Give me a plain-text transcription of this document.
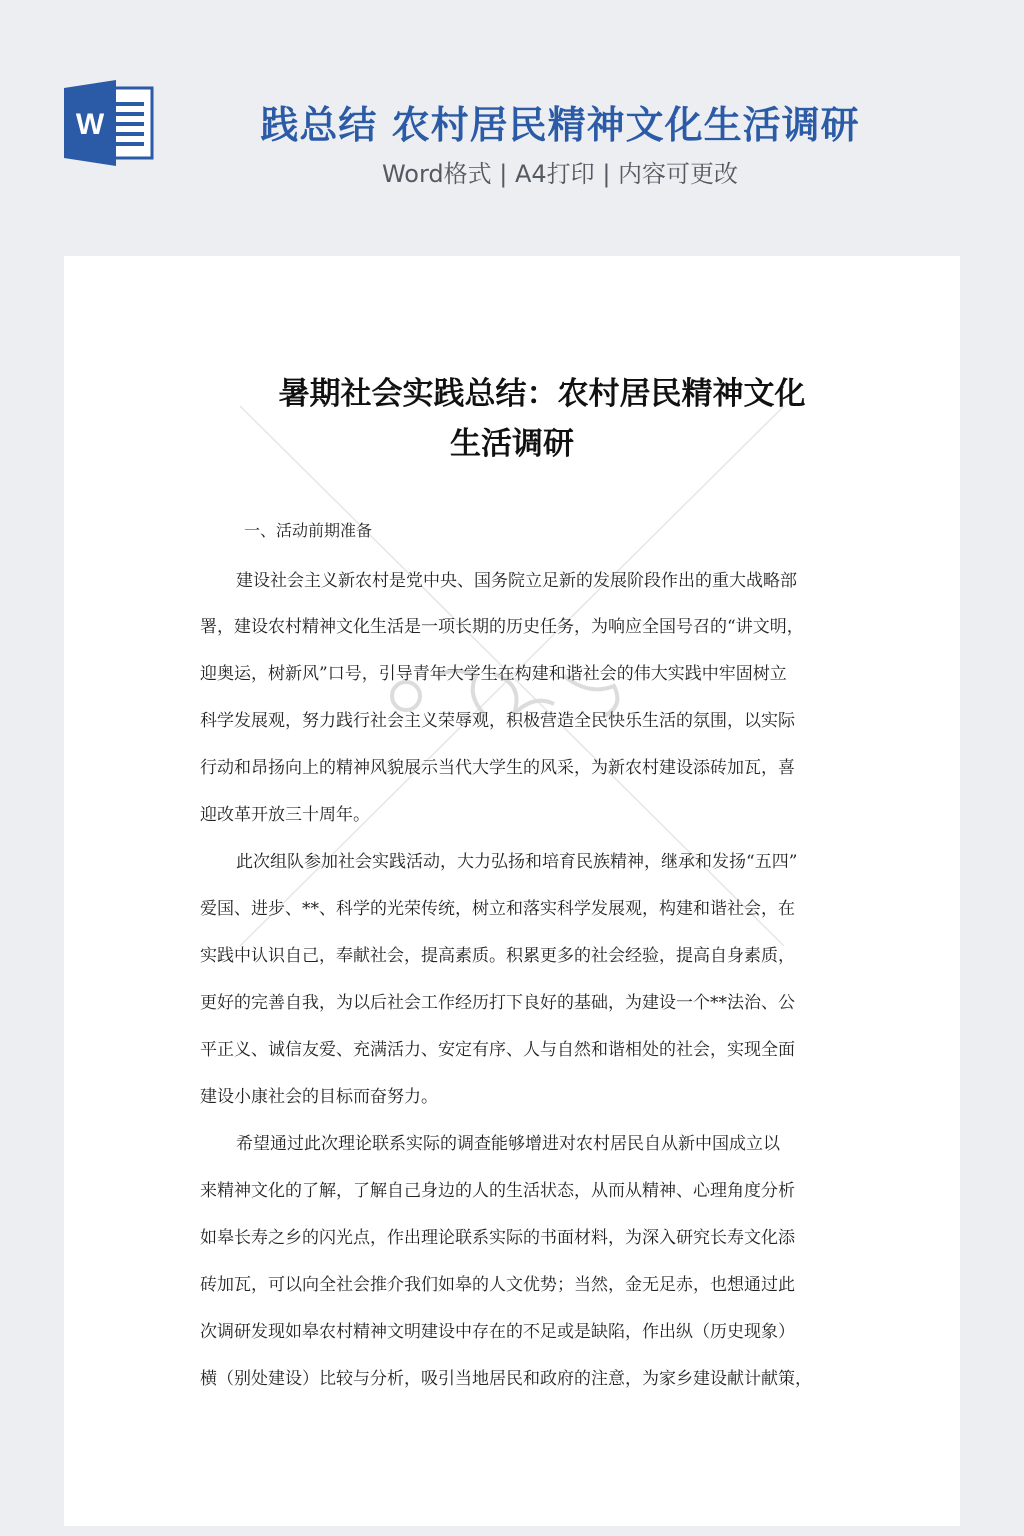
W	践总结 农村居民精神文化生活调研
Word格式 | A4打印 | 内容可更改
暑期社会实践总结：农村居民精神文化
生活调研
一、活动前期准备
建设社会主义新农村是党中央、国务院立足新的发展阶段作出的重大战略部
署，建设农村精神文化生活是一项长期的历史任务，为响应全国号召的“讲文明，
迎奥运，树新风”口号，引导青年大学生在构建和谐社会的伟大实践中牢固树立
科学发展观，努力践行社会主义荣辱观，积极营造全民快乐生活的氛围，以实际
行动和昂扬向上的精神风貌展示当代大学生的风采，为新农村建设添砖加瓦，喜
迎改革开放三十周年。
此次组队参加社会实践活动，大力弘扬和培育民族精神，继承和发扬“五四”
爱国、进步、**、科学的光荣传统，树立和落实科学发展观，构建和谐社会，在
实践中认识自己，奉献社会，提高素质。积累更多的社会经验，提高自身素质，
更好的完善自我，为以后社会工作经历打下良好的基础，为建设一个**法治、公
平正义、诚信友爱、充满活力、安定有序、人与自然和谐相处的社会，实现全面
建设小康社会的目标而奋努力。
希望通过此次理论联系实际的调查能够增进对农村居民自从新中国成立以
来精神文化的了解，了解自己身边的人的生活状态，从而从精神、心理角度分析
如皋长寿之乡的闪光点，作出理论联系实际的书面材料，为深入研究长寿文化添
砖加瓦，可以向全社会推介我们如皋的人文优势；当然，金无足赤，也想通过此
次调研发现如皋农村精神文明建设中存在的不足或是缺陷，作出纵（历史现象）
横（别处建设）比较与分析，吸引当地居民和政府的注意，为家乡建设献计献策，
